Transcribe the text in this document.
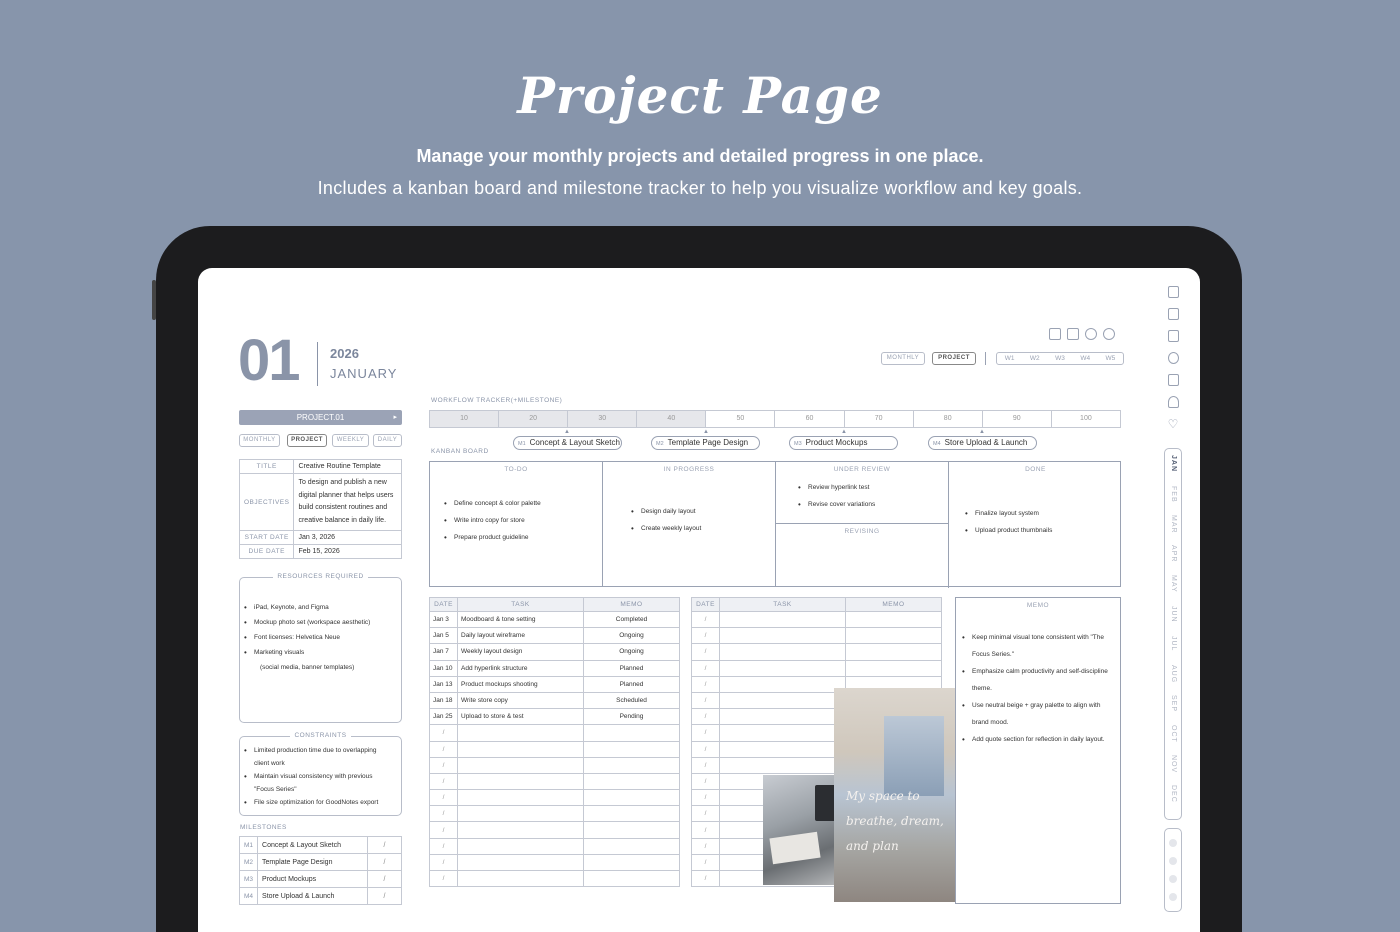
Project Page
Manage your monthly projects and detailed progress in one place.
Includes a kanban board and milestone tracker to help you visualize workflow and key goals.
01 2026
JANUARY
MONTHLY	PROJECT	W1	W2	W3	W4	W5
PROJECT.01	▸
MONTHLY	PROJECT	WEEKLY	DAILY
TITLE	Creative Routine Template
OBJECTIVES	To design and publish a new digital planner that helps users build consistent routines and creative balance in daily life.
START DATE	Jan 3, 2026
DUE DATE	Feb 15, 2026
RESOURCES REQUIRED
• iPad, Keynote, and Figma
• Mockup photo set (workspace aesthetic)
• Font licenses: Helvetica Neue
• Marketing visuals
(social media, banner templates)
CONSTRAINTS
• Limited production time due to overlapping client work
• Maintain visual consistency with previous "Focus Series"
• File size optimization for GoodNotes export
MILESTONES
M1	Concept & Layout Sketch	/
M2	Template Page Design	/
M3	Product Mockups	/
M4	Store Upload & Launch	/
WORKFLOW TRACKER(+MILESTONE)
10	20	30	40	50	60	70	80	90	100
▲	▲	▲	▲
M1 Concept & Layout Sketch	M2 Template Page Design	M3 Product Mockups	M4 Store Upload & Launch
KANBAN BOARD
TO-DO
• Define concept & color palette
• Write intro copy for store
• Prepare product guideline
IN PROGRESS
• Design daily layout
• Create weekly layout
UNDER REVIEW
• Review hyperlink test
• Revise cover variations
REVISING
DONE
• Finalize layout system
• Upload product thumbnails
DATE	TASK	MEMO
Jan 3	Moodboard & tone setting	Completed
Jan 5	Daily layout wireframe	Ongoing
Jan 7	Weekly layout design	Ongoing
Jan 10	Add hyperlink structure	Planned
Jan 13	Product mockups shooting	Planned
Jan 18	Write store copy	Scheduled
Jan 25	Upload to store & test	Pending
/		
/		
/		
/		
/		
/		
/		
/		
/		
/		
DATE	TASK	MEMO
/		
/		
/		
/		
/		
/		
/		
/		
/		
/		
/		
/		
/		
/		
/		
/		
/		
MEMO
• Keep minimal visual tone consistent with "The Focus Series."
• Emphasize calm productivity and self-discipline theme.
• Use neutral beige + gray palette to align with brand mood.
• Add quote section for reflection in daily layout.
My space to breathe, dream, and plan
♡
JAN
FEB
MAR
APR
MAY
JUN
JUL
AUG
SEP
OCT
NOV
DEC
